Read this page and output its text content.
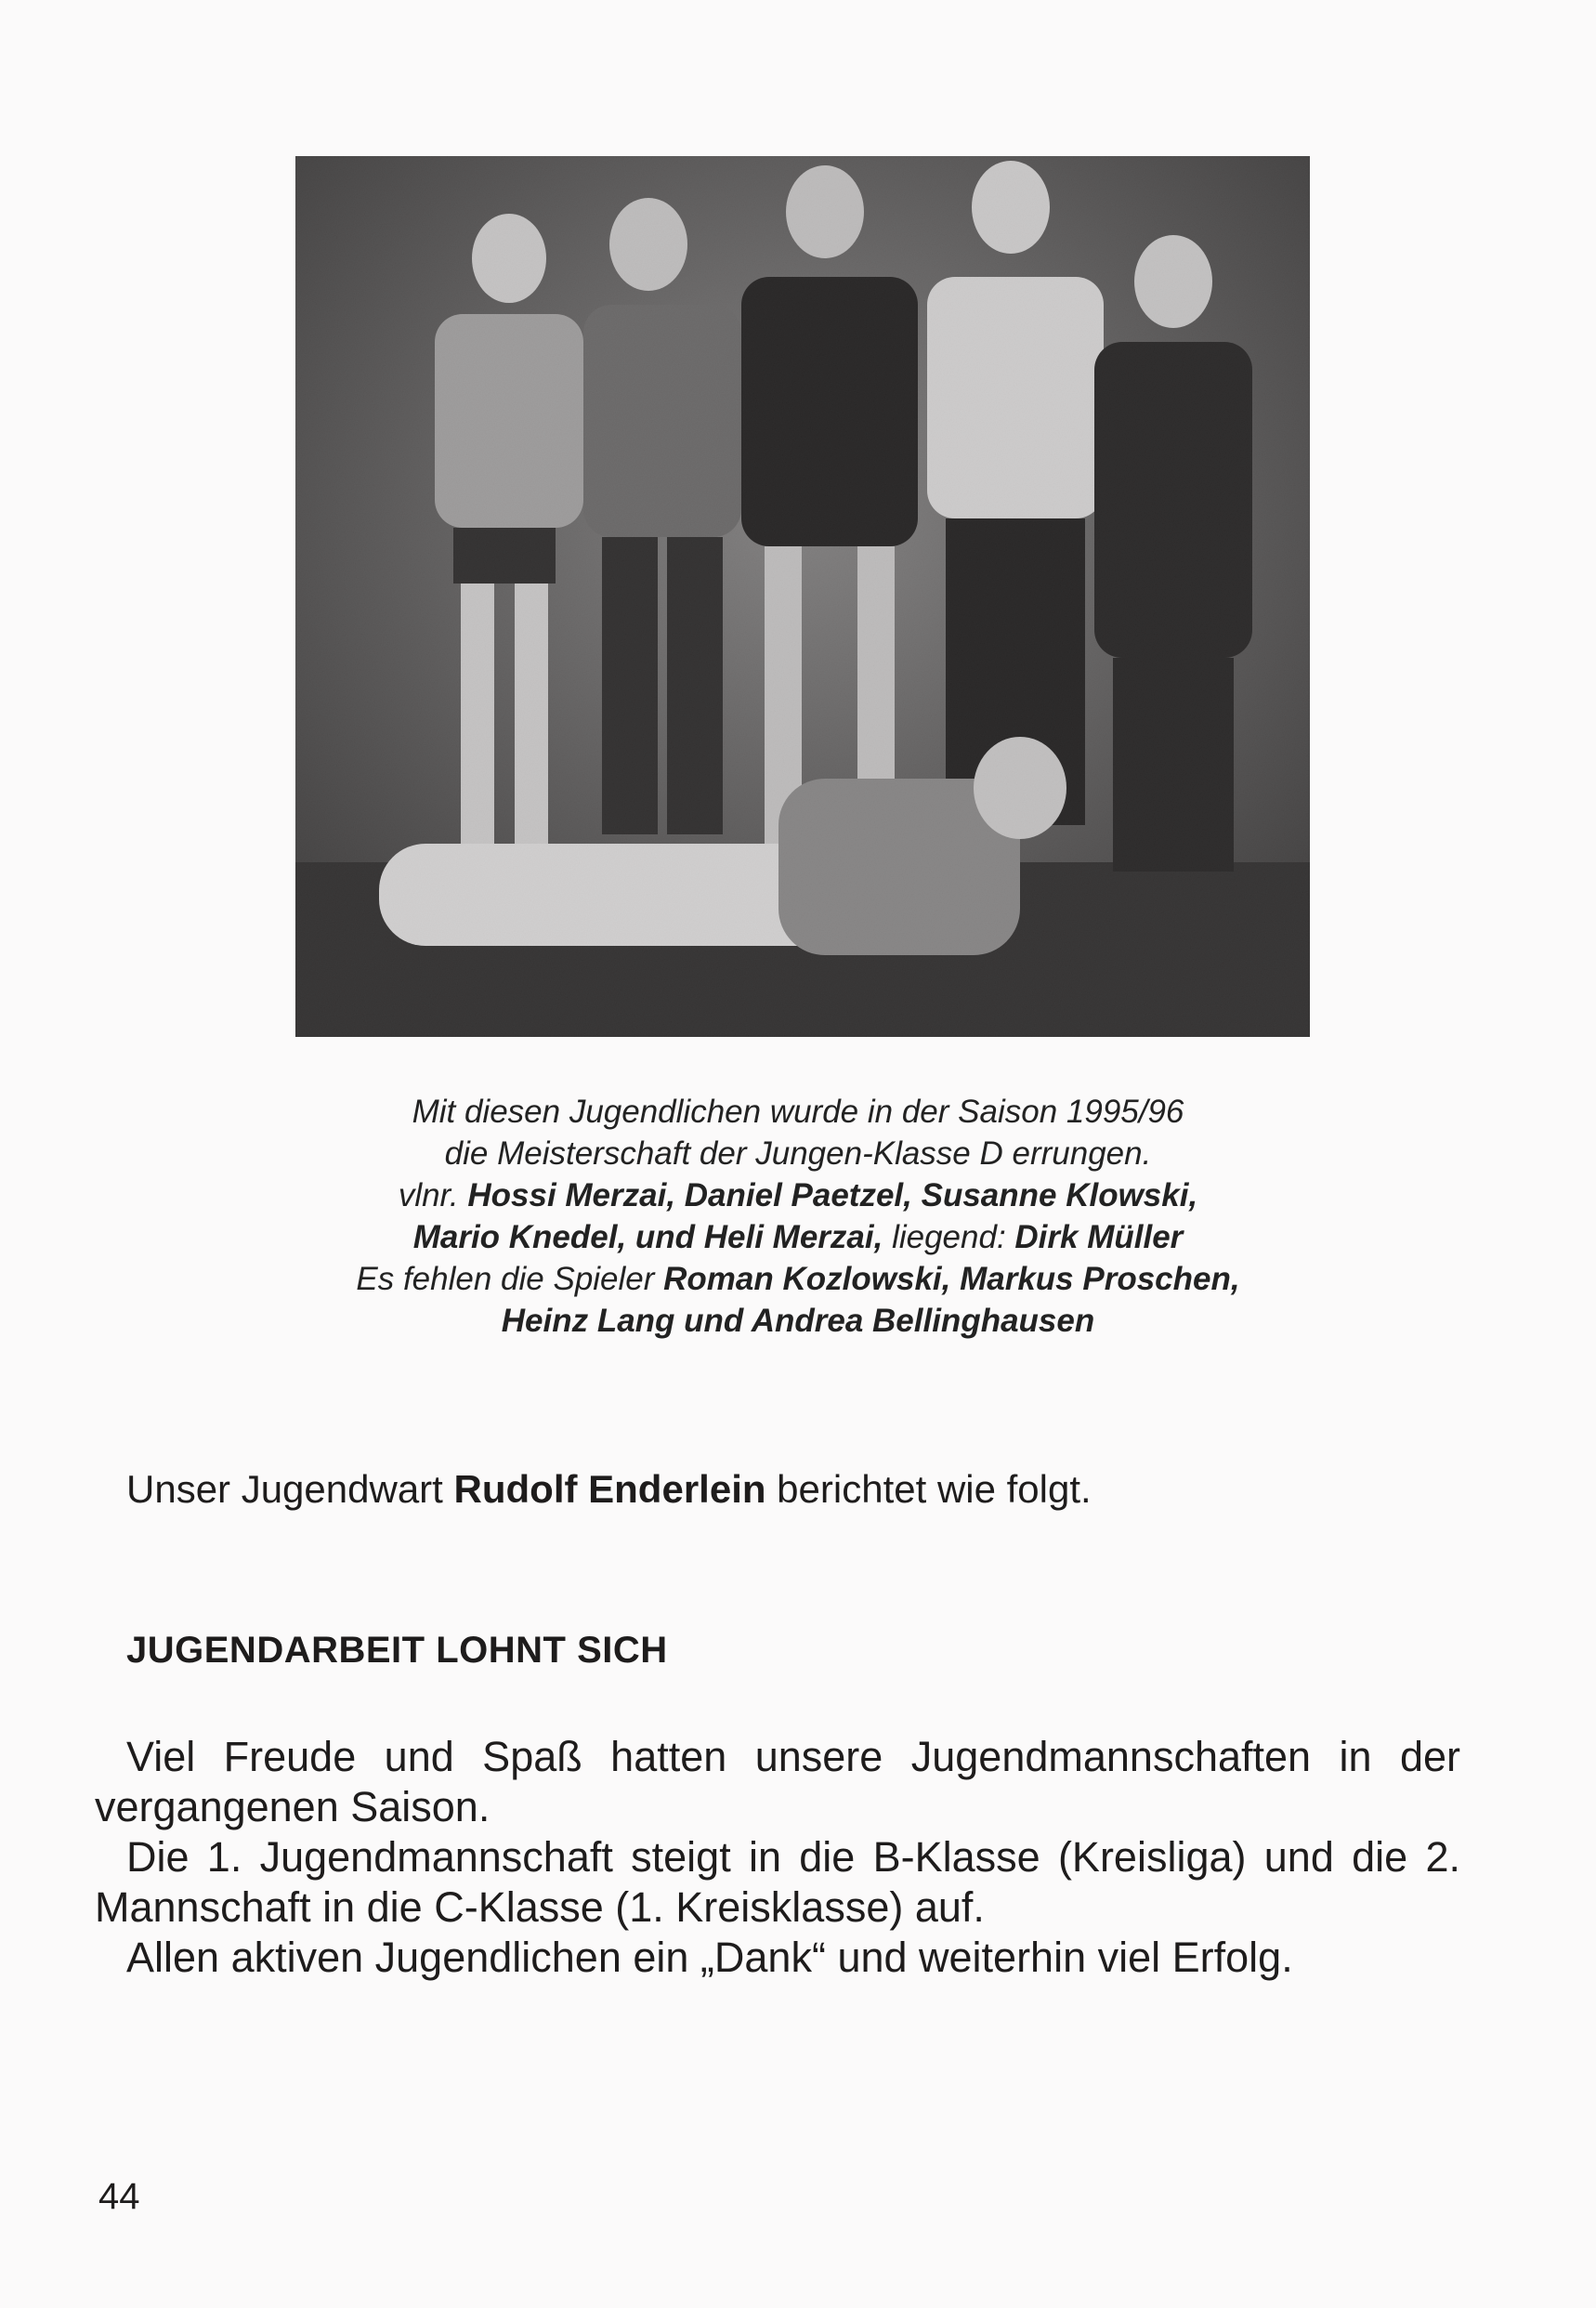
Mit diesen Jugendlichen wurde in der Saison 1995/96
die Meisterschaft der Jungen-Klasse D errungen.
vlnr. Hossi Merzai, Daniel Paetzel, Susanne Klowski,
Mario Knedel, und Heli Merzai, liegend: Dirk Müller
Es fehlen die Spieler Roman Kozlowski, Markus Proschen,
Heinz Lang und Andrea Bellinghausen
Unser Jugendwart Rudolf Enderlein berichtet wie folgt.
JUGENDARBEIT LOHNT SICH

Viel Freude und Spaß hatten unsere Jugendmannschaften in der vergangenen Saison.

Die 1. Jugendmannschaft steigt in die B-Klasse (Kreisliga) und die 2. Mannschaft in die C-Klasse (1. Kreisklasse) auf.

Allen aktiven Jugendlichen ein „Dank“ und weiterhin viel Erfolg.

44
